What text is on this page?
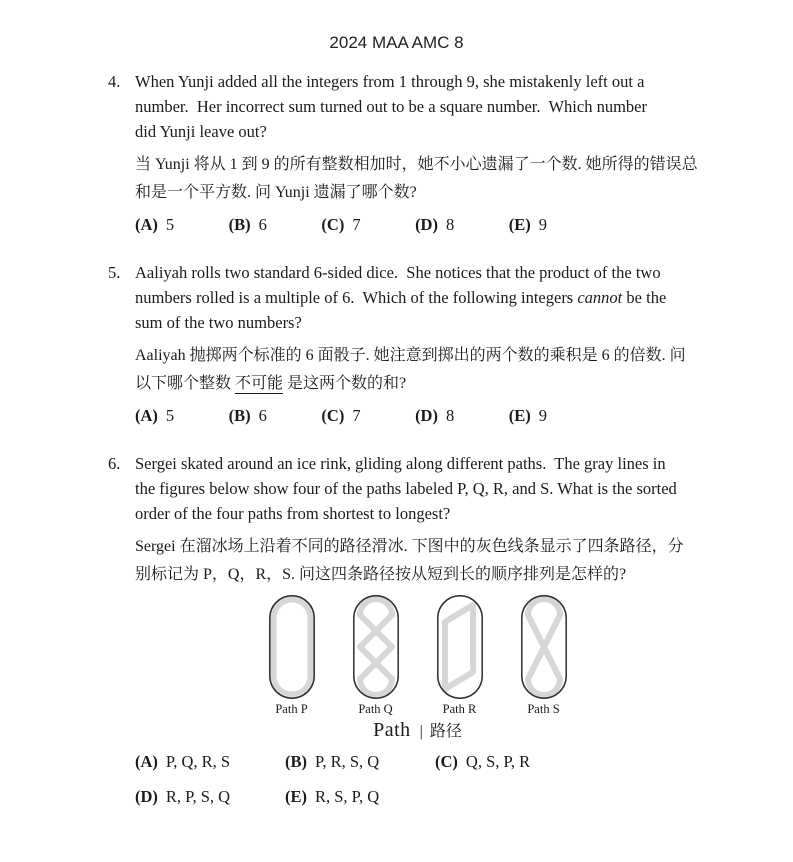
2024 MAA AMC 8
4. When Yunji added all the integers from 1 through 9, she mistakenly left out a
number.  Her incorrect sum turned out to be a square number.  Which number
did Yunji leave out?
当 Yunji 将从 1 到 9 的所有整数相加时，她不小心遗漏了一个数. 她所得的错误总
和是一个平方数. 问 Yunji 遗漏了哪个数?
(A) 5	(B) 6	(C) 7	(D) 8	(E) 9
5. Aaliyah rolls two standard 6-sided dice.  She notices that the product of the two
numbers rolled is a multiple of 6.  Which of the following integers cannot be the
sum of the two numbers?
Aaliyah 抛掷两个标准的 6 面骰子. 她注意到掷出的两个数的乘积是 6 的倍数. 问
以下哪个整数 不可能 是这两个数的和?
(A) 5	(B) 6	(C) 7	(D) 8	(E) 9
6. Sergei skated around an ice rink, gliding along different paths.  The gray lines in
the figures below show four of the paths labeled P, Q, R, and S. What is the sorted
order of the four paths from shortest to longest?
Sergei 在溜冰场上沿着不同的路径滑冰. 下图中的灰色线条显示了四条路径，分
别标记为 P，Q，R，S. 问这四条路径按从短到长的顺序排列是怎样的?
Path P	Path Q	Path R	Path S
Path | 路径
(A) P, Q, R, S	(B) P, R, S, Q	(C) Q, S, P, R
(D) R, P, S, Q	(E) R, S, P, Q
